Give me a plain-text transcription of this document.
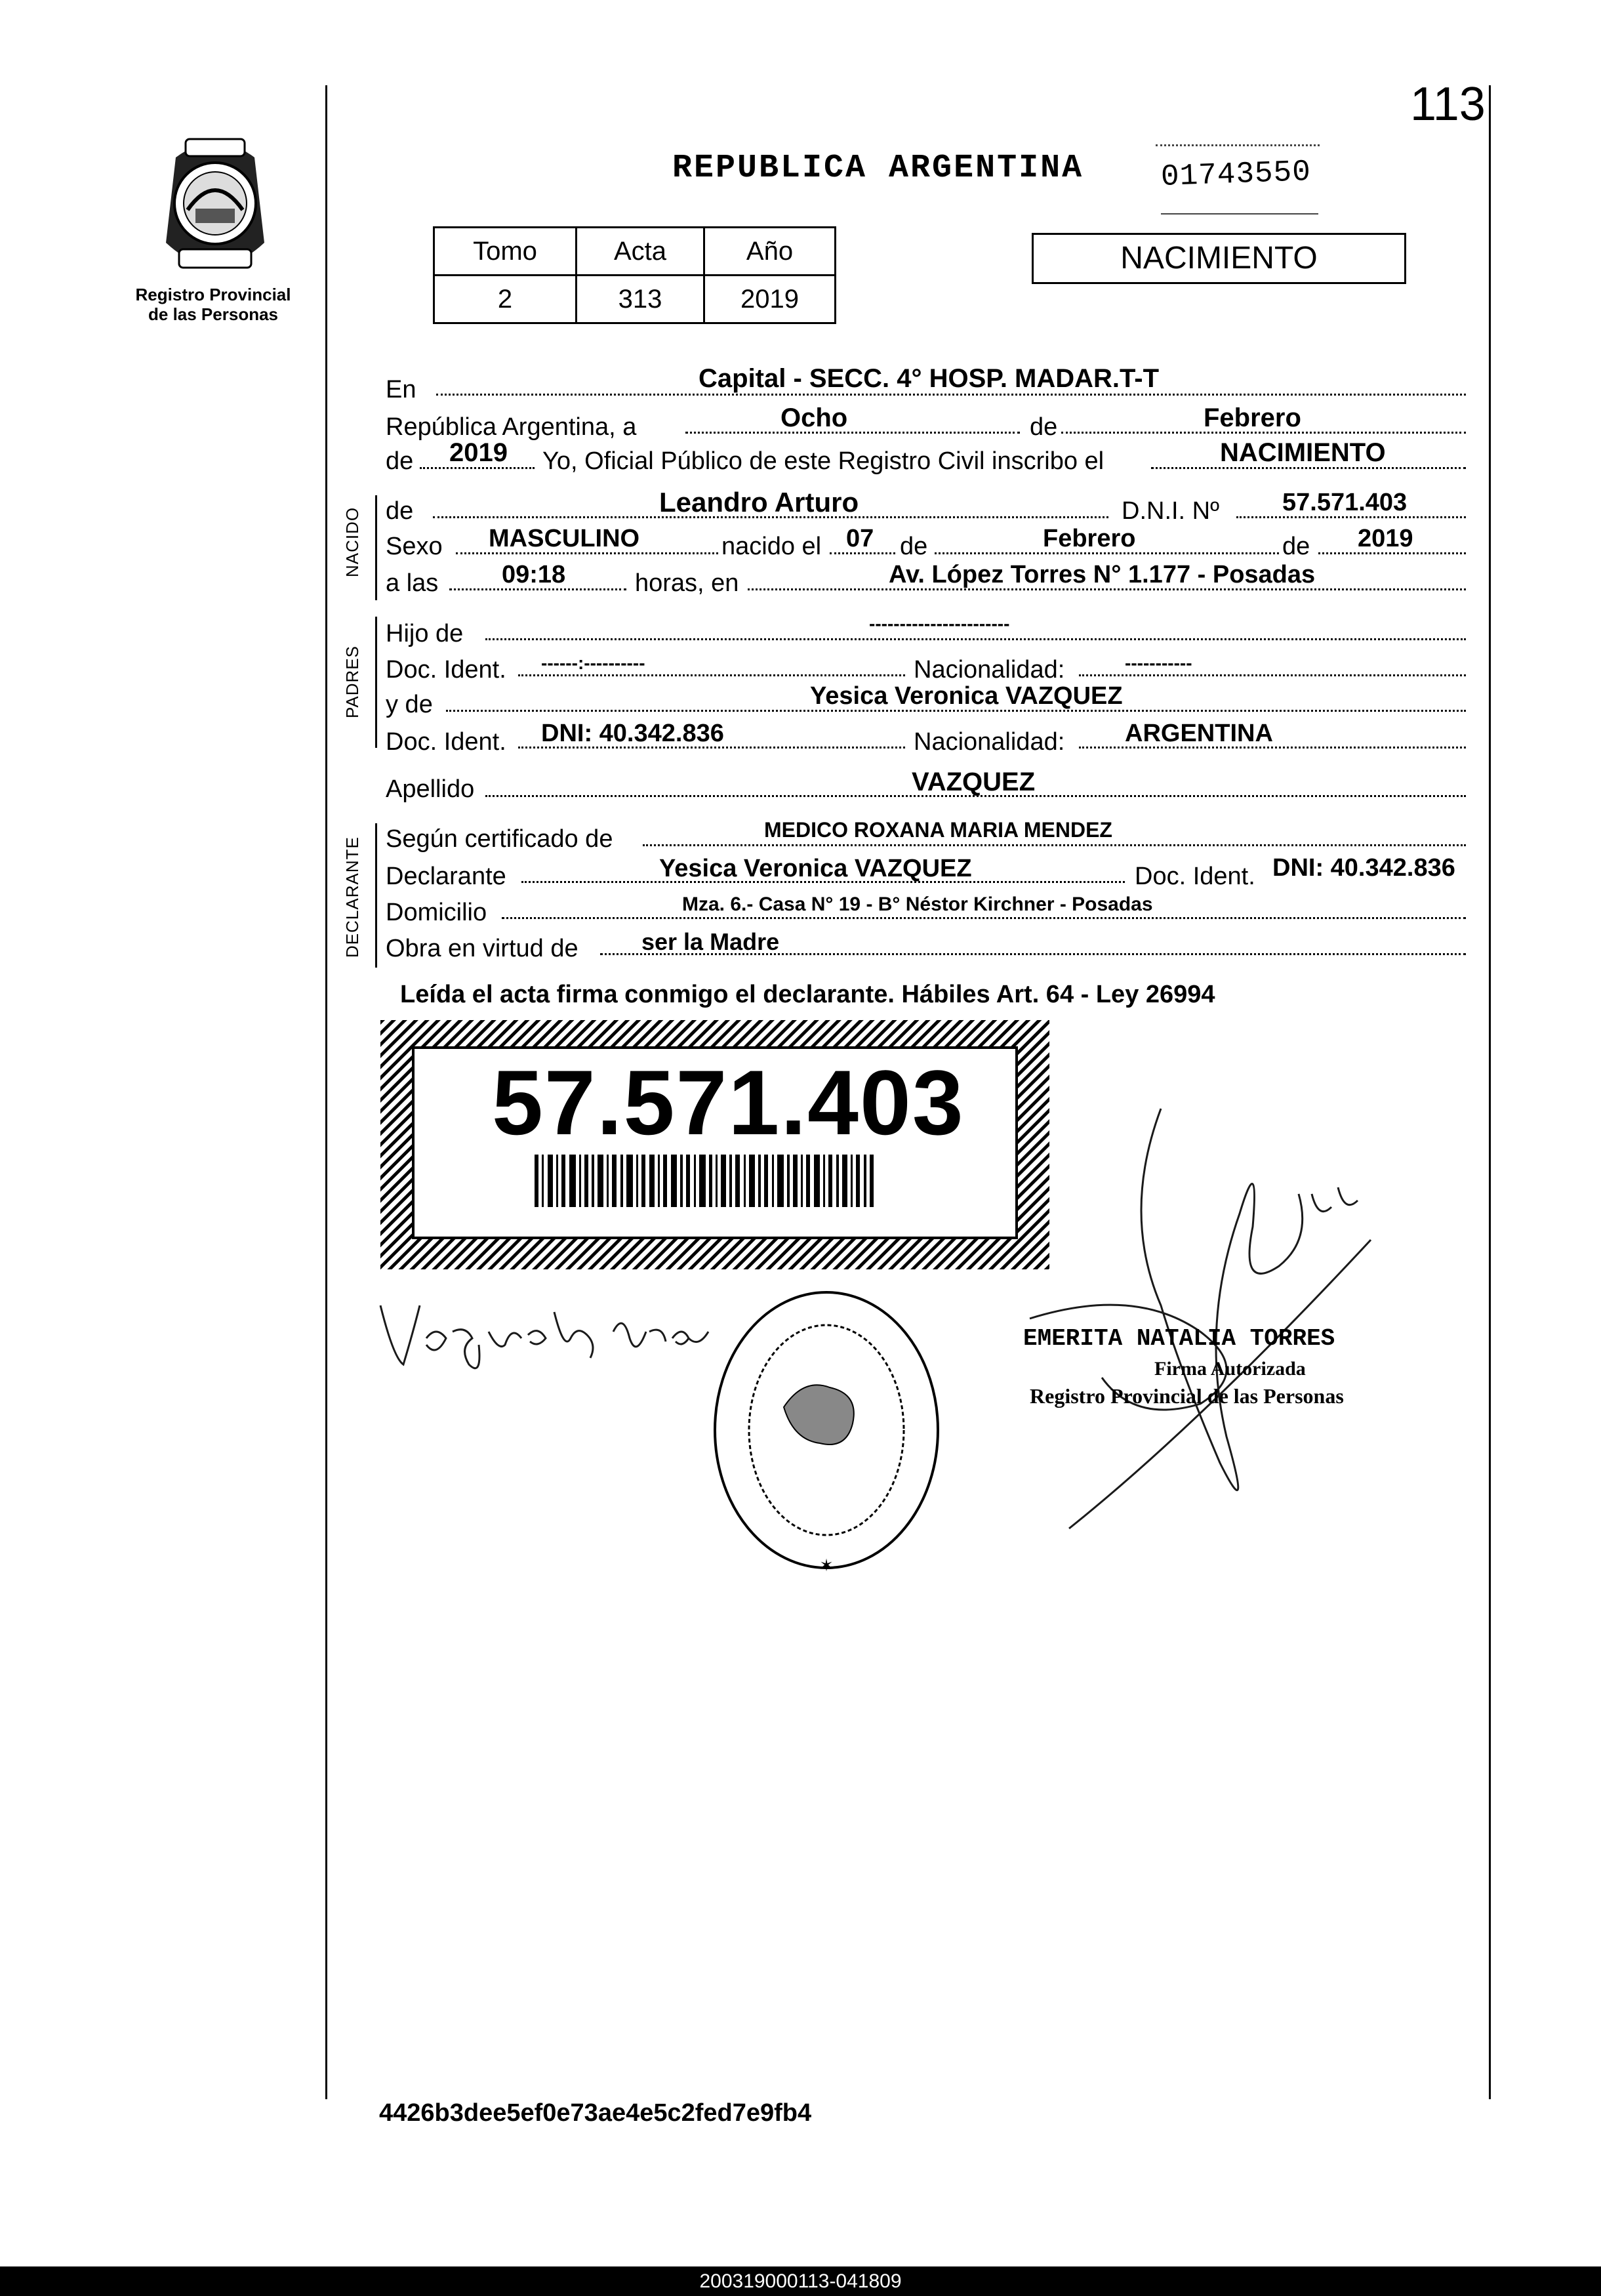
113
Registro Provincial
de las Personas
REPUBLICA ARGENTINA	01743550
Tomo	Acta	Año
2	313	2019
NACIMIENTO
NACIDO
PADRES
DECLARANTE
En	Capital - SECC. 4° HOSP. MADAR.T-T
República Argentina, a	Ocho	de	Febrero
de 2019 Yo, Oficial Público de este Registro Civil inscribo el	NACIMIENTO
de	Leandro Arturo	D.N.I. Nº	57.571.403
Sexo MASCULINO	nacido el 07 de	Febrero	de 2019
a las	09:18	horas, en	Av. López Torres N° 1.177 - Posadas
Hijo de	-----------------------
Doc. Ident. ------:----------	Nacionalidad:	-----------
y de	Yesica Veronica VAZQUEZ
Doc. Ident. DNI: 40.342.836	Nacionalidad: ARGENTINA
Apellido	VAZQUEZ
Según certificado de	MEDICO ROXANA MARIA MENDEZ
Declarante	Yesica Veronica VAZQUEZ	Doc. Ident. DNI: 40.342.836
Domicilio	Mza. 6.- Casa N° 19 - B° Néstor Kirchner - Posadas
Obra en virtud de	ser la Madre
Leída el acta firma conmigo el declarante. Hábiles Art. 64 - Ley 26994
57.571.403
✶
EMERITA NATALIA TORRES
Firma Autorizada
Registro Provincial de las Personas
4426b3dee5ef0e73ae4e5c2fed7e9fb4
200319000113-041809
